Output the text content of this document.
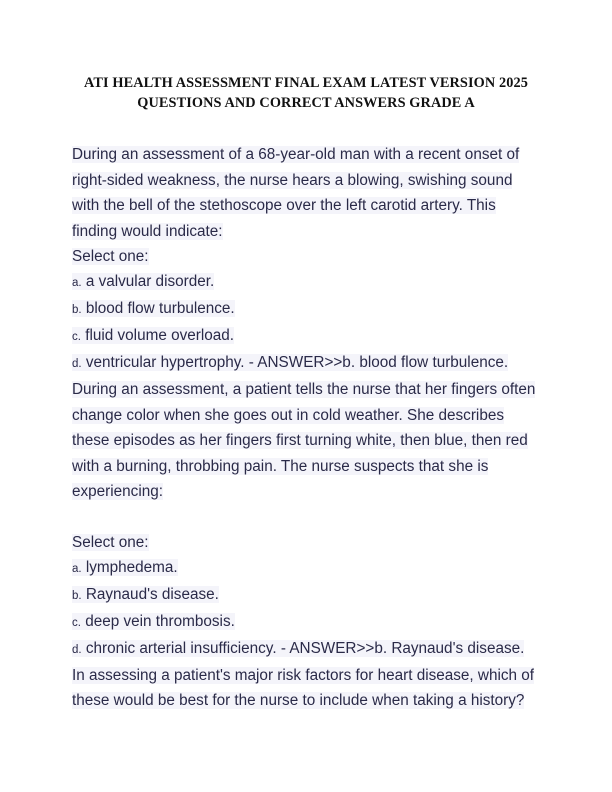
ATI HEALTH ASSESSMENT FINAL EXAM LATEST VERSION 2025
QUESTIONS AND CORRECT ANSWERS GRADE A

During an assessment of a 68-year-old man with a recent onset of right-sided weakness, the nurse hears a blowing, swishing sound with the bell of the stethoscope over the left carotid artery. This finding would indicate:

Select one:

a. a valvular disorder.

b. blood flow turbulence.

c. fluid volume overload.

d. ventricular hypertrophy. - ANSWER>>b. blood flow turbulence.

During an assessment, a patient tells the nurse that her fingers often change color when she goes out in cold weather. She describes these episodes as her fingers first turning white, then blue, then red with a burning, throbbing pain. The nurse suspects that she is experiencing:

Select one:

a. lymphedema.

b. Raynaud's disease.

c. deep vein thrombosis.

d. chronic arterial insufficiency. - ANSWER>>b. Raynaud's disease.

In assessing a patient's major risk factors for heart disease, which of these would be best for the nurse to include when taking a history?
